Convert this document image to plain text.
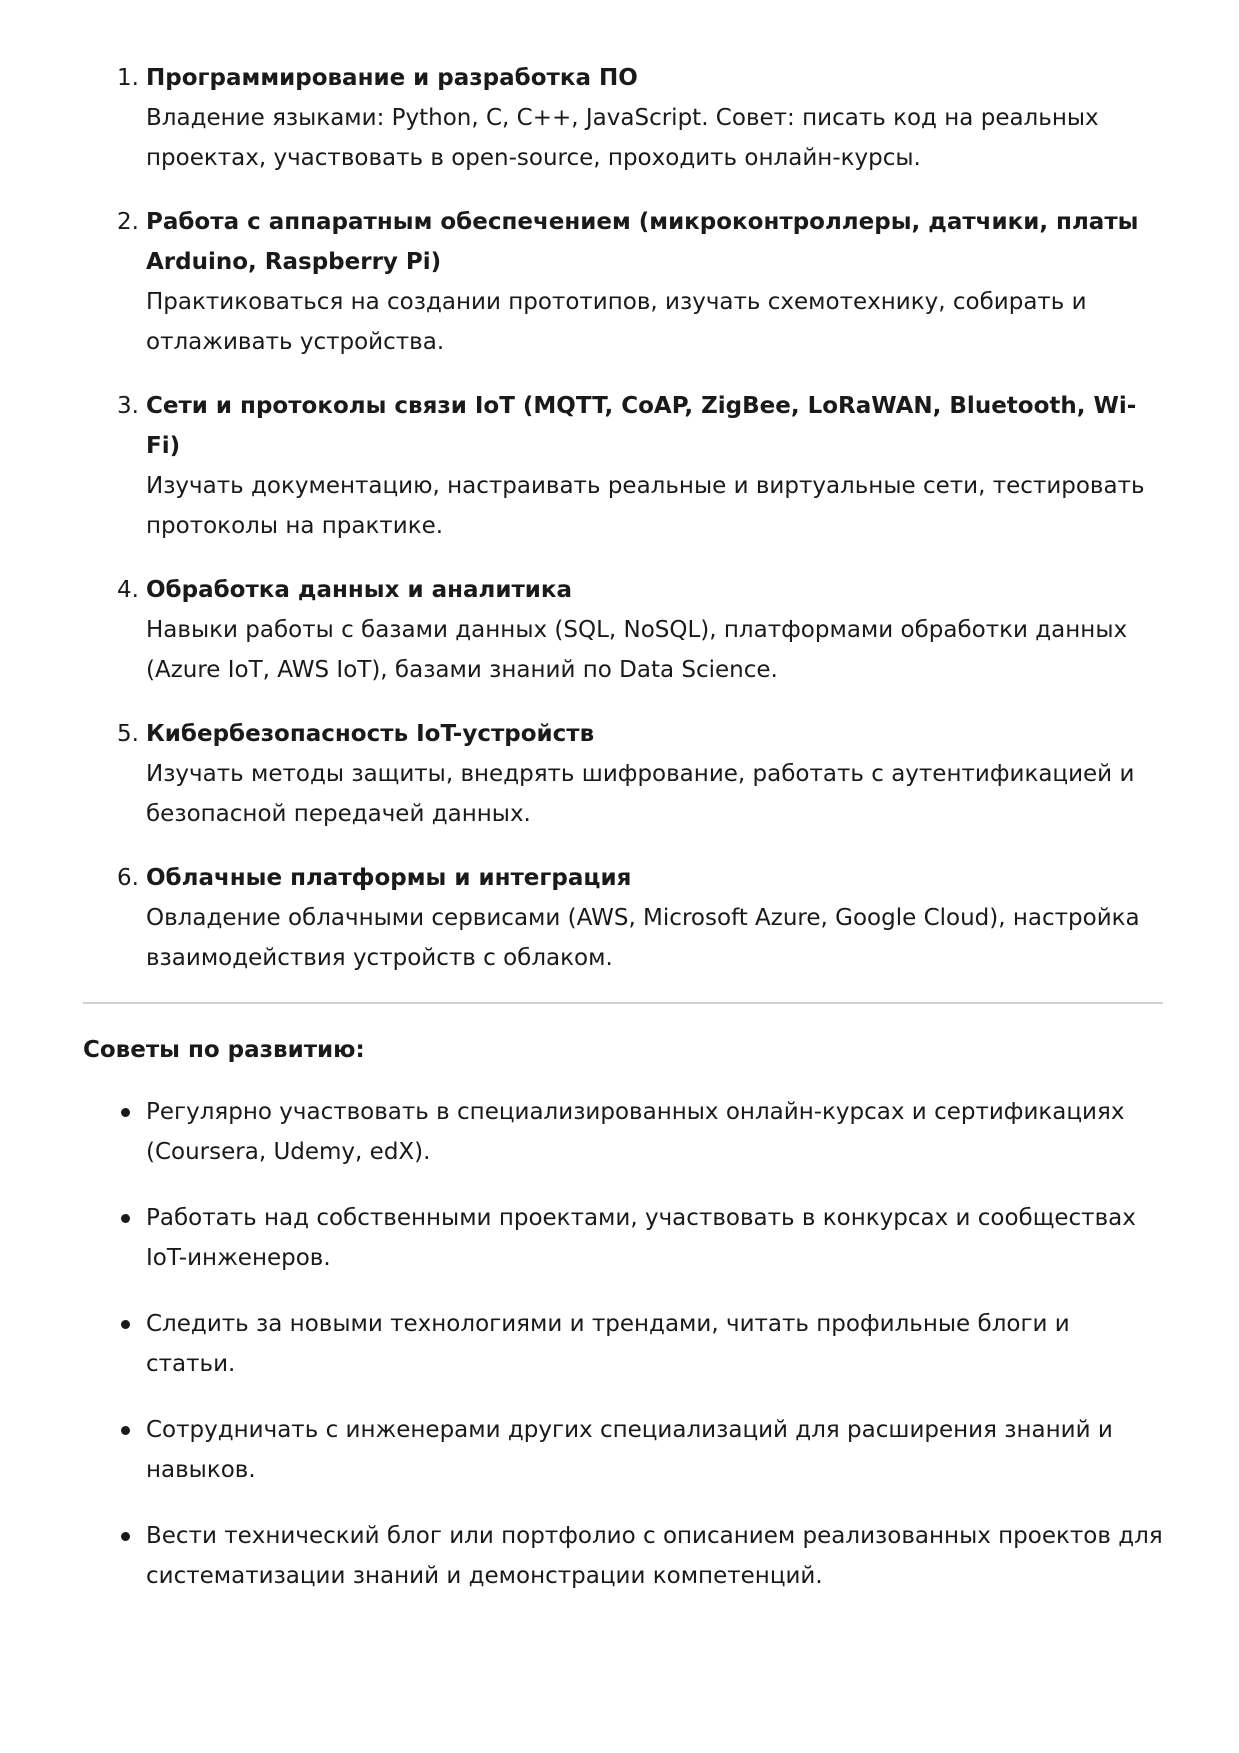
1. Программирование и разработка ПО
Владение языками: Python, C, C++, JavaScript. Совет: писать код на реальных проектах, участвовать в open-source, проходить онлайн-курсы.
2. Работа с аппаратным обеспечением (микроконтроллеры, датчики, платы Arduino, Raspberry Pi)
Практиковаться на создании прототипов, изучать схемотехнику, собирать и отлаживать устройства.
3. Сети и протоколы связи IoT (MQTT, CoAP, ZigBee, LoRaWAN, Bluetooth, Wi-Fi)
Изучать документацию, настраивать реальные и виртуальные сети, тестировать протоколы на практике.
4. Обработка данных и аналитика
Навыки работы с базами данных (SQL, NoSQL), платформами обработки данных (Azure IoT, AWS IoT), базами знаний по Data Science.
5. Кибербезопасность IoT-устройств
Изучать методы защиты, внедрять шифрование, работать с аутентификацией и безопасной передачей данных.
6. Облачные платформы и интеграция
Овладение облачными сервисами (AWS, Microsoft Azure, Google Cloud), настройка взаимодействия устройств с облаком.
Советы по развитию:
Регулярно участвовать в специализированных онлайн-курсах и сертификациях (Coursera, Udemy, edX).
Работать над собственными проектами, участвовать в конкурсах и сообществах IoT-инженеров.
Следить за новыми технологиями и трендами, читать профильные блоги и статьи.
Сотрудничать с инженерами других специализаций для расширения знаний и навыков.
Вести технический блог или портфолио с описанием реализованных проектов для систематизации знаний и демонстрации компетенций.
